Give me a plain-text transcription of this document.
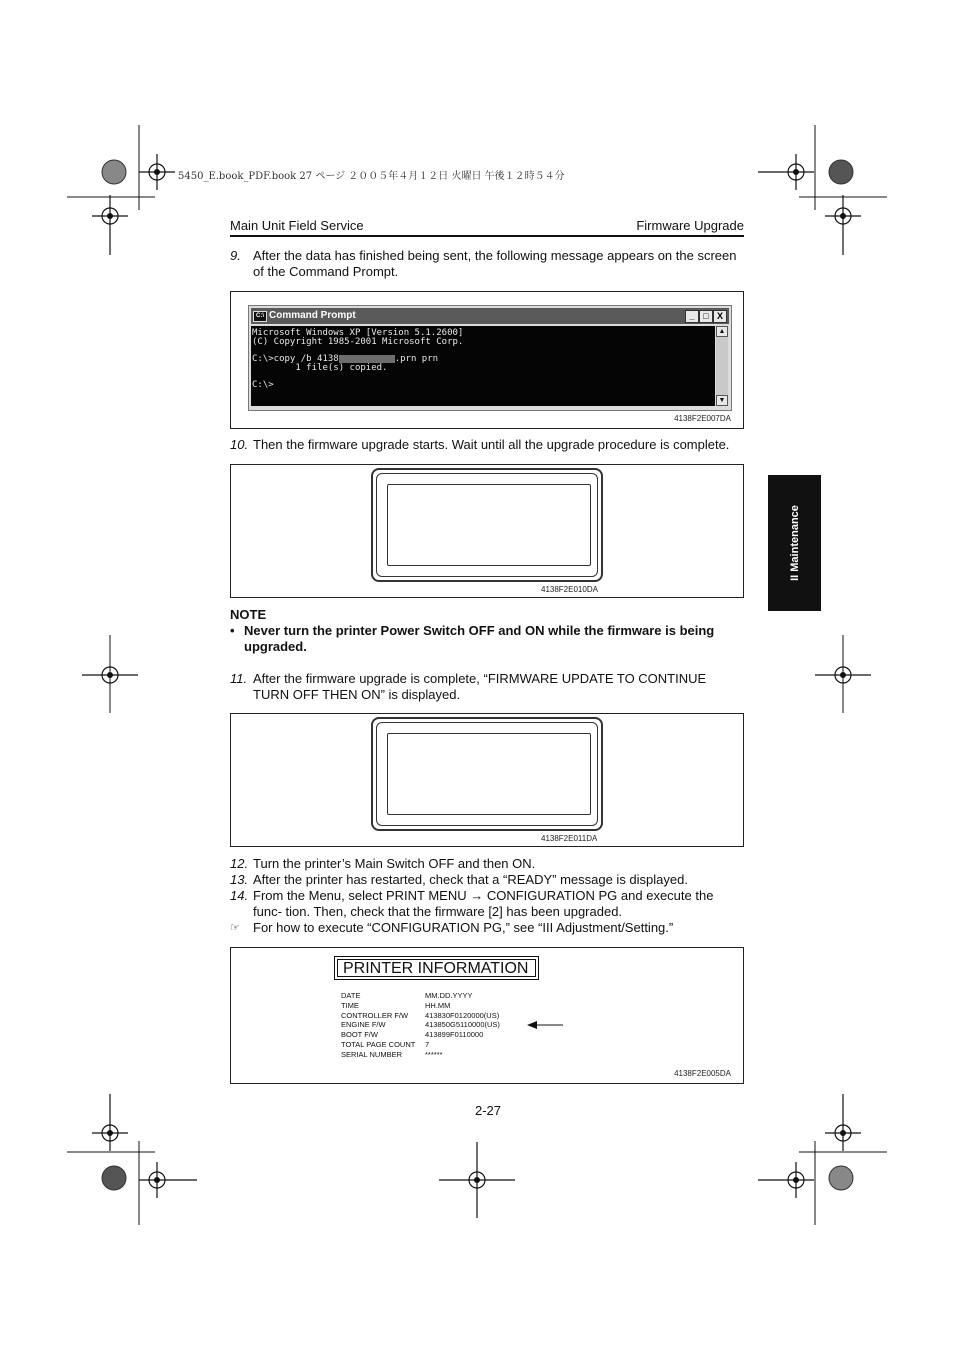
5450_E.book_PDF.book 27 ページ ２００５年４月１２日 火曜日 午後１２時５４分
Main Unit Field Service	Firmware Upgrade
II Maintenance
9. After the data has finished being sent, the following message appears on the screen of the Command Prompt.
C:\ Command Prompt	_ □ X
Microsoft Windows XP [Version 5.1.2600]
(C) Copyright 1985-2001 Microsoft Corp.
C:\>copy /b 4138	.prn prn
1 file(s) copied.
C:\>
▲
▼
4138F2E007DA
10. Then the firmware upgrade starts. Wait until all the upgrade procedure is complete.
4138F2E010DA
NOTE
• Never turn the printer Power Switch OFF and ON while the firmware is being upgraded.
11. After the firmware upgrade is complete, “FIRMWARE UPDATE TO CONTINUE TURN OFF THEN ON” is displayed.
4138F2E011DA
12. Turn the printer’s Main Switch OFF and then ON.
13. After the printer has restarted, check that a “READY” message is displayed.
14. From the Menu, select PRINT MENU → CONFIGURATION PG and execute the func- tion. Then, check that the firmware [2] has been upgraded.
☞ For how to execute “CONFIGURATION PG,” see “III Adjustment/Setting.”
PRINTER INFORMATION
DATE	MM.DD.YYYY
TIME	HH.MM
CONTROLLER F/W 413830F0120000(US)
ENGINE F/W	413850G5110000(US)
BOOT F/W	413899F0110000
TOTAL PAGE COUNT 7
SERIAL NUMBER	******
4138F2E005DA
2-27
